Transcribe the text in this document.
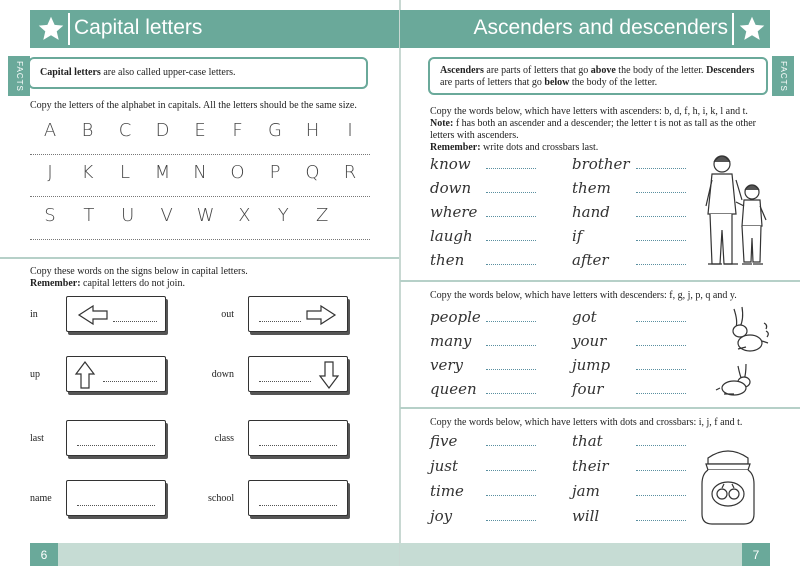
Capital letters
FACTS	Capital letters are also called upper-case letters.
Copy the letters of the alphabet in capitals. All the letters should be the same size.
A B C D E F G H	I
J	K L M N O P Q R
S T U V W X Y Z
Copy these words on the signs below in capital letters.
Remember: capital letters do not join.
in	out
up	down
last	class
name	school
6
Ascenders and descenders
FACTS
Ascenders are parts of letters that go above the body of the letter. Descenders are parts of letters that go below the body of the letter.
Copy the words below, which have letters with ascenders: b, d, f, h, i, k, l and t.
Note: f has both an ascender and a descender; the letter t is not as tall as the other letters with ascenders.
Remember: write dots and crossbars last.
know	brother
down	them
where	hand
laugh	if
then	after
Copy the words below, which have letters with descenders: f, g, j, p, q and y.
people	got
many	your
very	jump
queen	four
Copy the words below, which have letters with dots and crossbars: i, j, f and t.
five	that
just	their
time	jam
joy	will
7
